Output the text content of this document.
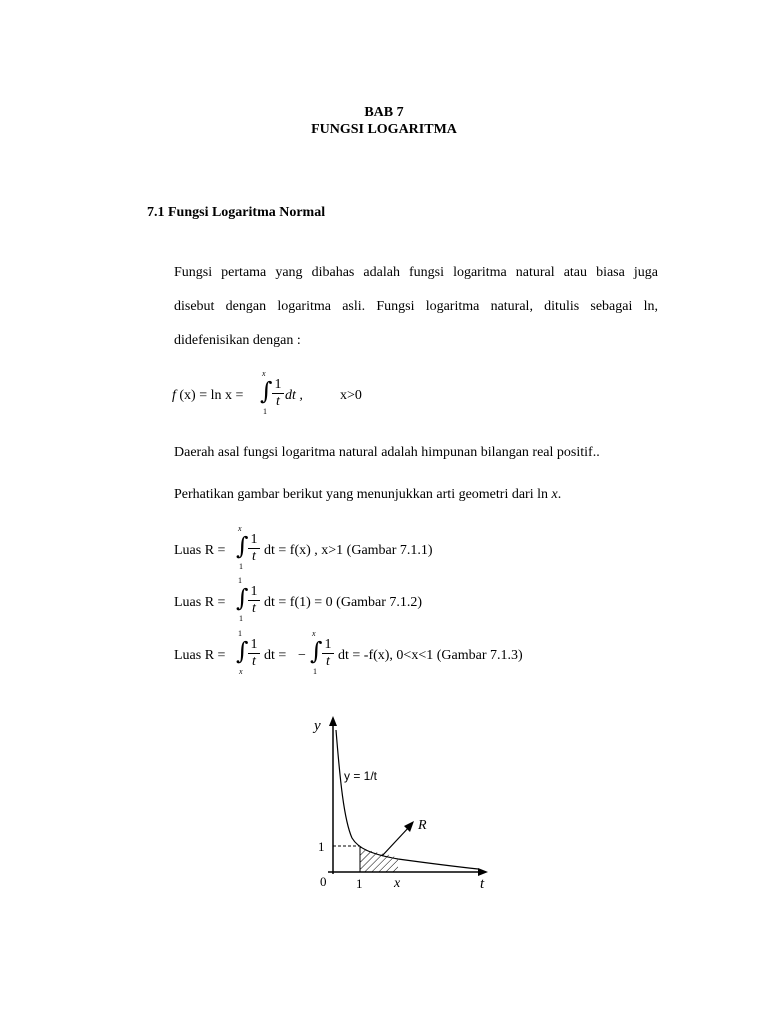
BAB 7
FUNGSI LOGARITMA
7.1 Fungsi Logaritma Normal
Fungsi pertama yang dibahas adalah fungsi logaritma natural atau biasa juga
disebut dengan logaritma asli. Fungsi logaritma natural, ditulis sebagai ln,
didefenisikan dengan :
f (x) = ln x =
x
∫
1
1
t dt ,	x>0
Daerah asal fungsi logaritma natural adalah himpunan bilangan real positif..
Perhatikan gambar berikut yang menunjukkan arti geometri dari ln x.
Luas R =
x
∫
1
1
t dt = f(x) , x>1 (Gambar 7.1.1)
Luas R =
1
∫
1
1
t dt = f(1) = 0 (Gambar 7.1.2)
Luas R =
1
∫
x
1
t dt = −
x
∫
1
1
t dt = -f(x), 0<x<1 (Gambar 7.1.3)
y
t
y = 1/t
R
1
0 1 x
